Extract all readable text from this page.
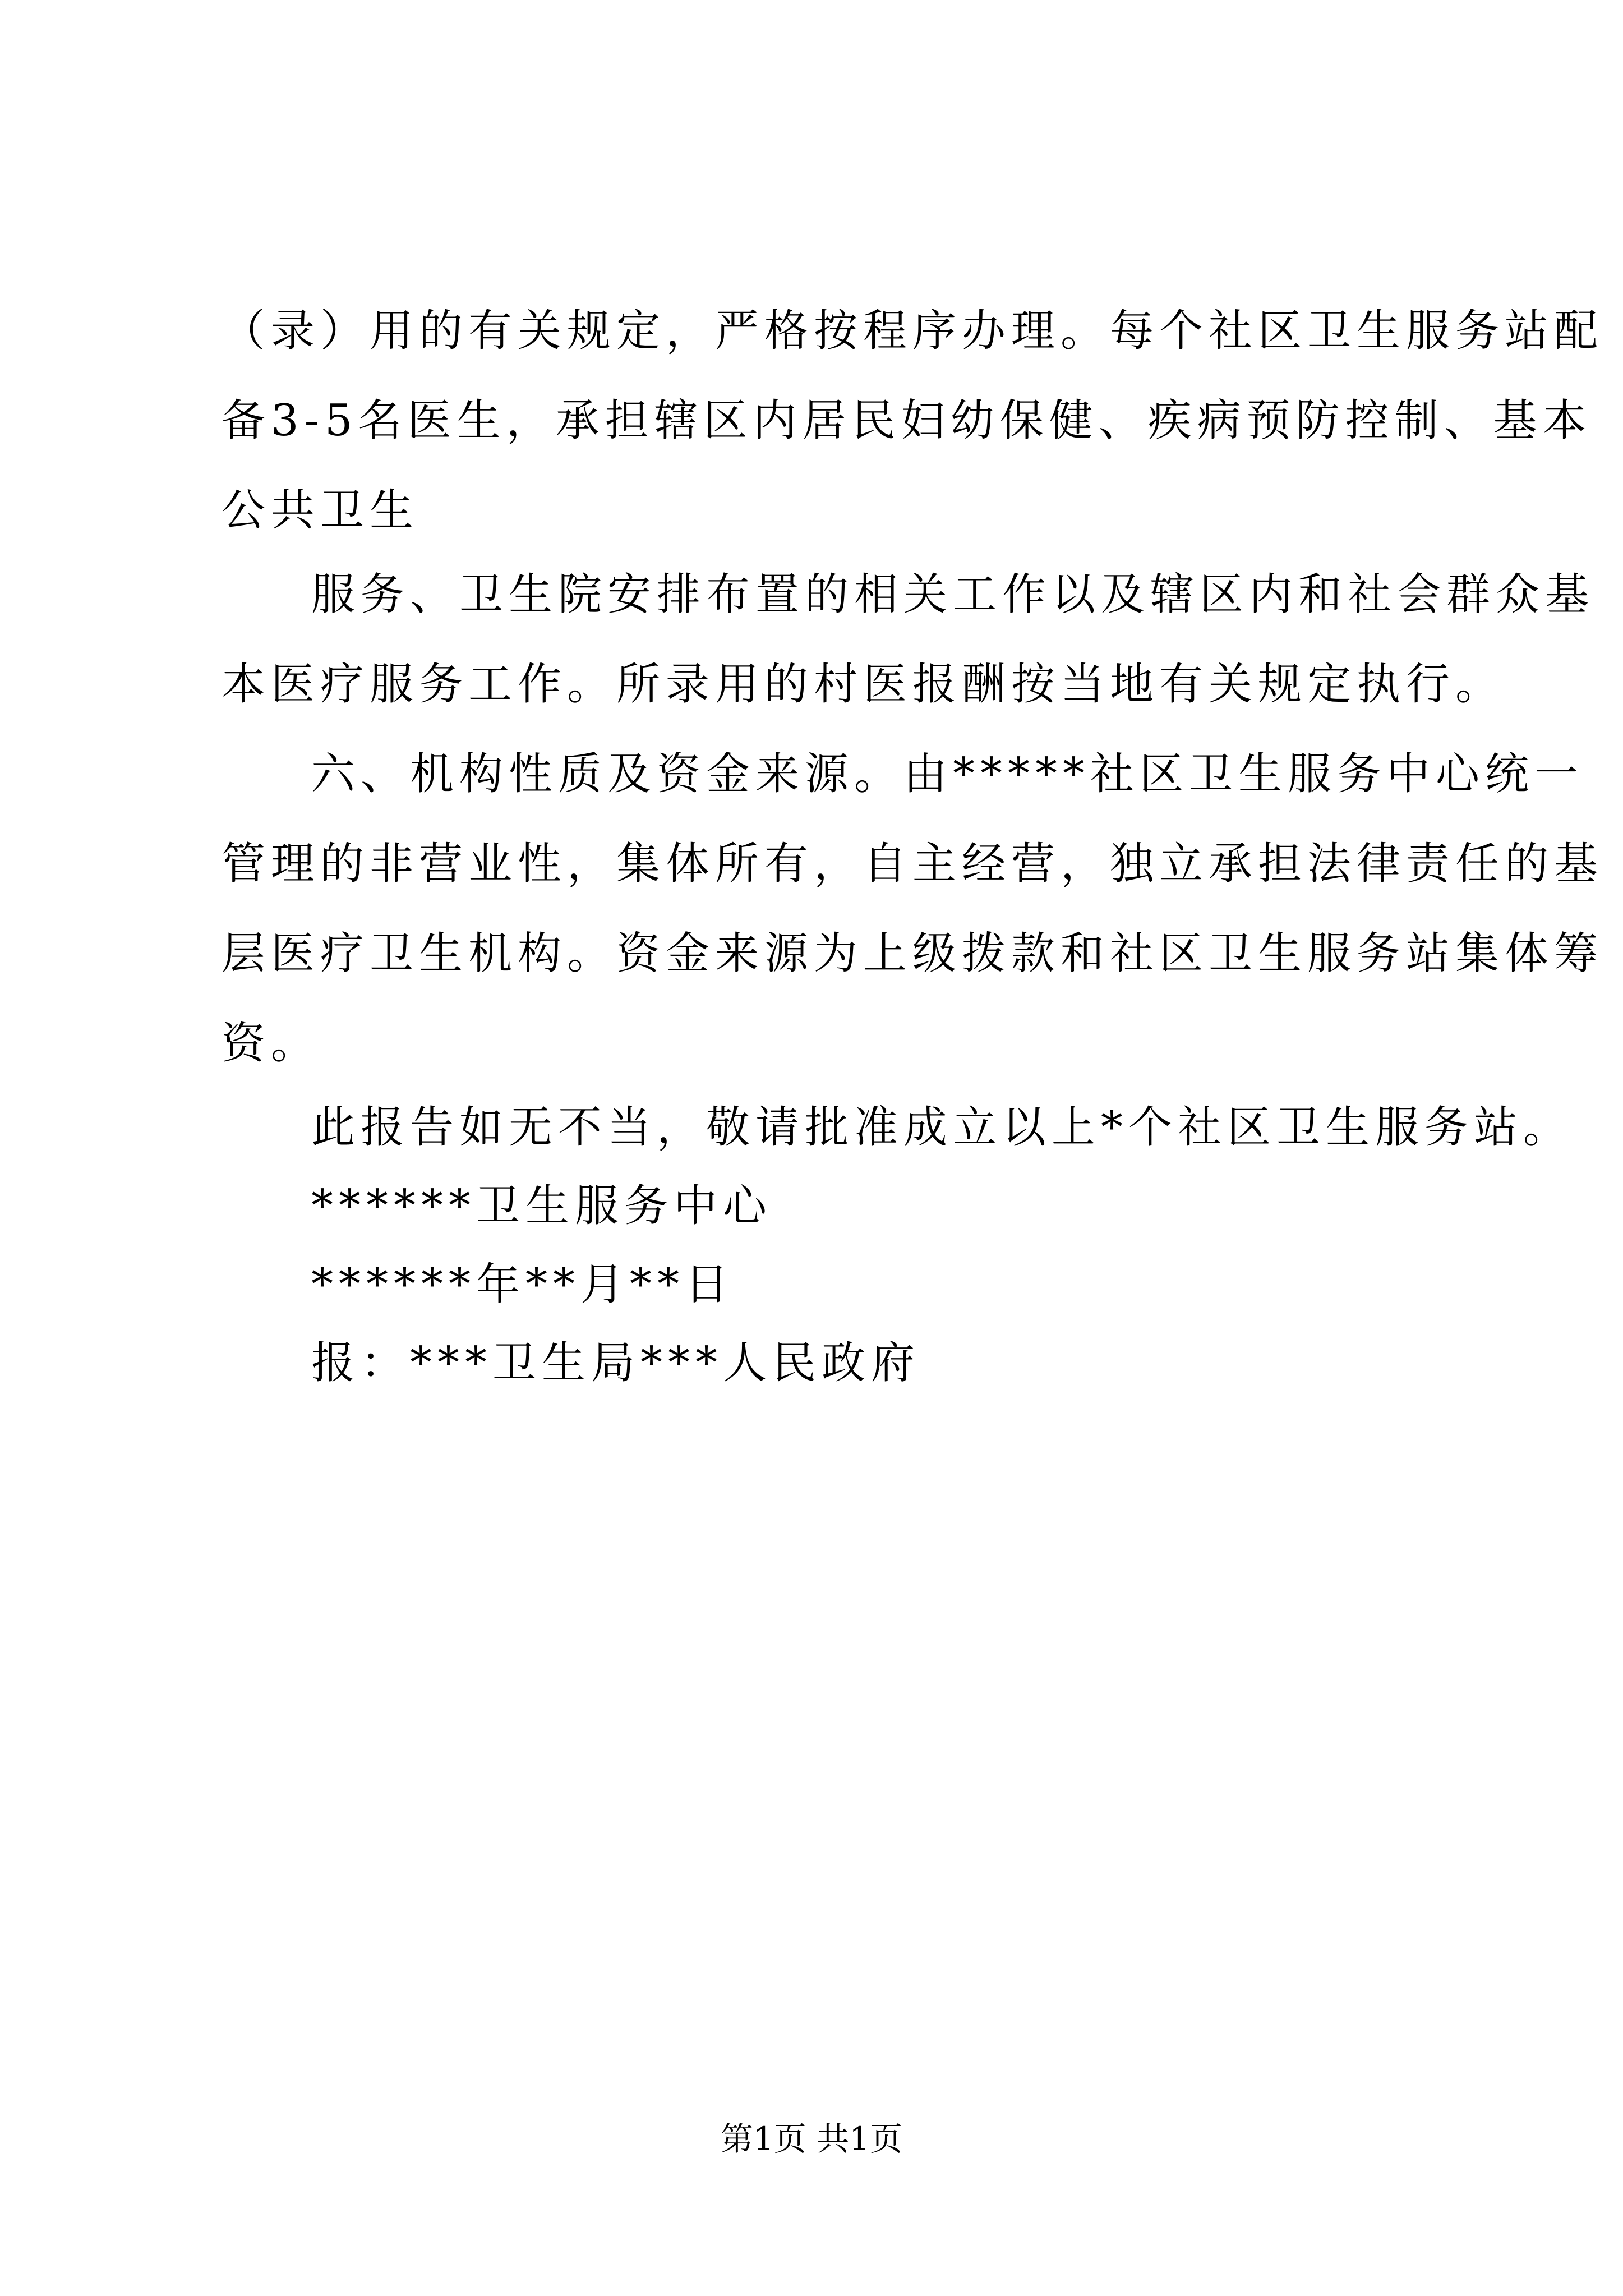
（录）用的有关规定，严格按程序办理。每个社区卫生服务站配
备3-5名医生，承担辖区内居民妇幼保健、疾病预防控制、基本
公共卫生
服务、卫生院安排布置的相关工作以及辖区内和社会群众基
本医疗服务工作。所录用的村医报酬按当地有关规定执行。
六、机构性质及资金来源。由*****社区卫生服务中心统一
管理的非营业性，集体所有，自主经营，独立承担法律责任的基
层医疗卫生机构。资金来源为上级拨款和社区卫生服务站集体筹
资。
此报告如无不当，敬请批准成立以上*个社区卫生服务站。
******卫生服务中心
******年**月**日
报：***卫生局***人民政府
第1页 共1页
